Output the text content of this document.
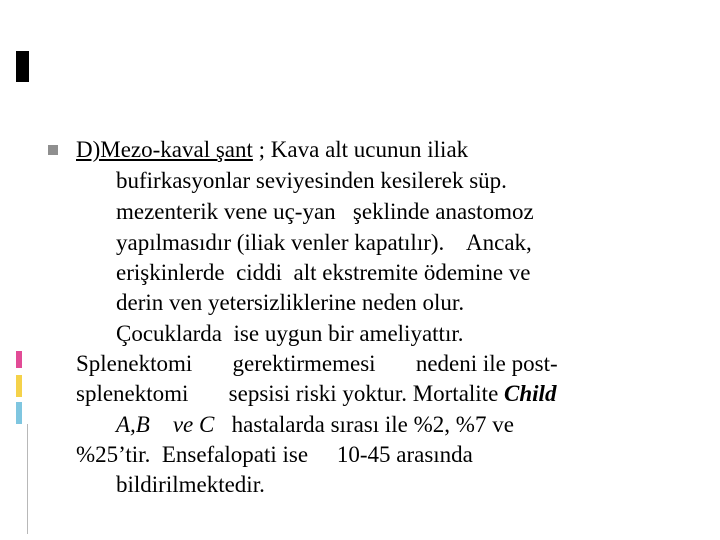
D)Mezo-kaval şant ; Kava alt ucunun iliak
bufirkasyonlar seviyesinden kesilerek süp.
mezenterik vene uç-yan   şeklinde anastomoz
yapılmasıdır (iliak venler kapatılır).    Ancak,
erişkinlerde  ciddi  alt ekstremite ödemine ve
derin ven yetersizliklerine neden olur.
Çocuklarda  ise uygun bir ameliyattır.
Splenektomi       gerektirmemesi       nedeni ile post-
splenektomi       sepsisi riski yoktur. Mortalite Child
A,B    ve C   hastalarda sırası ile %2, %7 ve
%25’tir.  Ensefalopati ise     10-45 arasında
bildirilmektedir.
